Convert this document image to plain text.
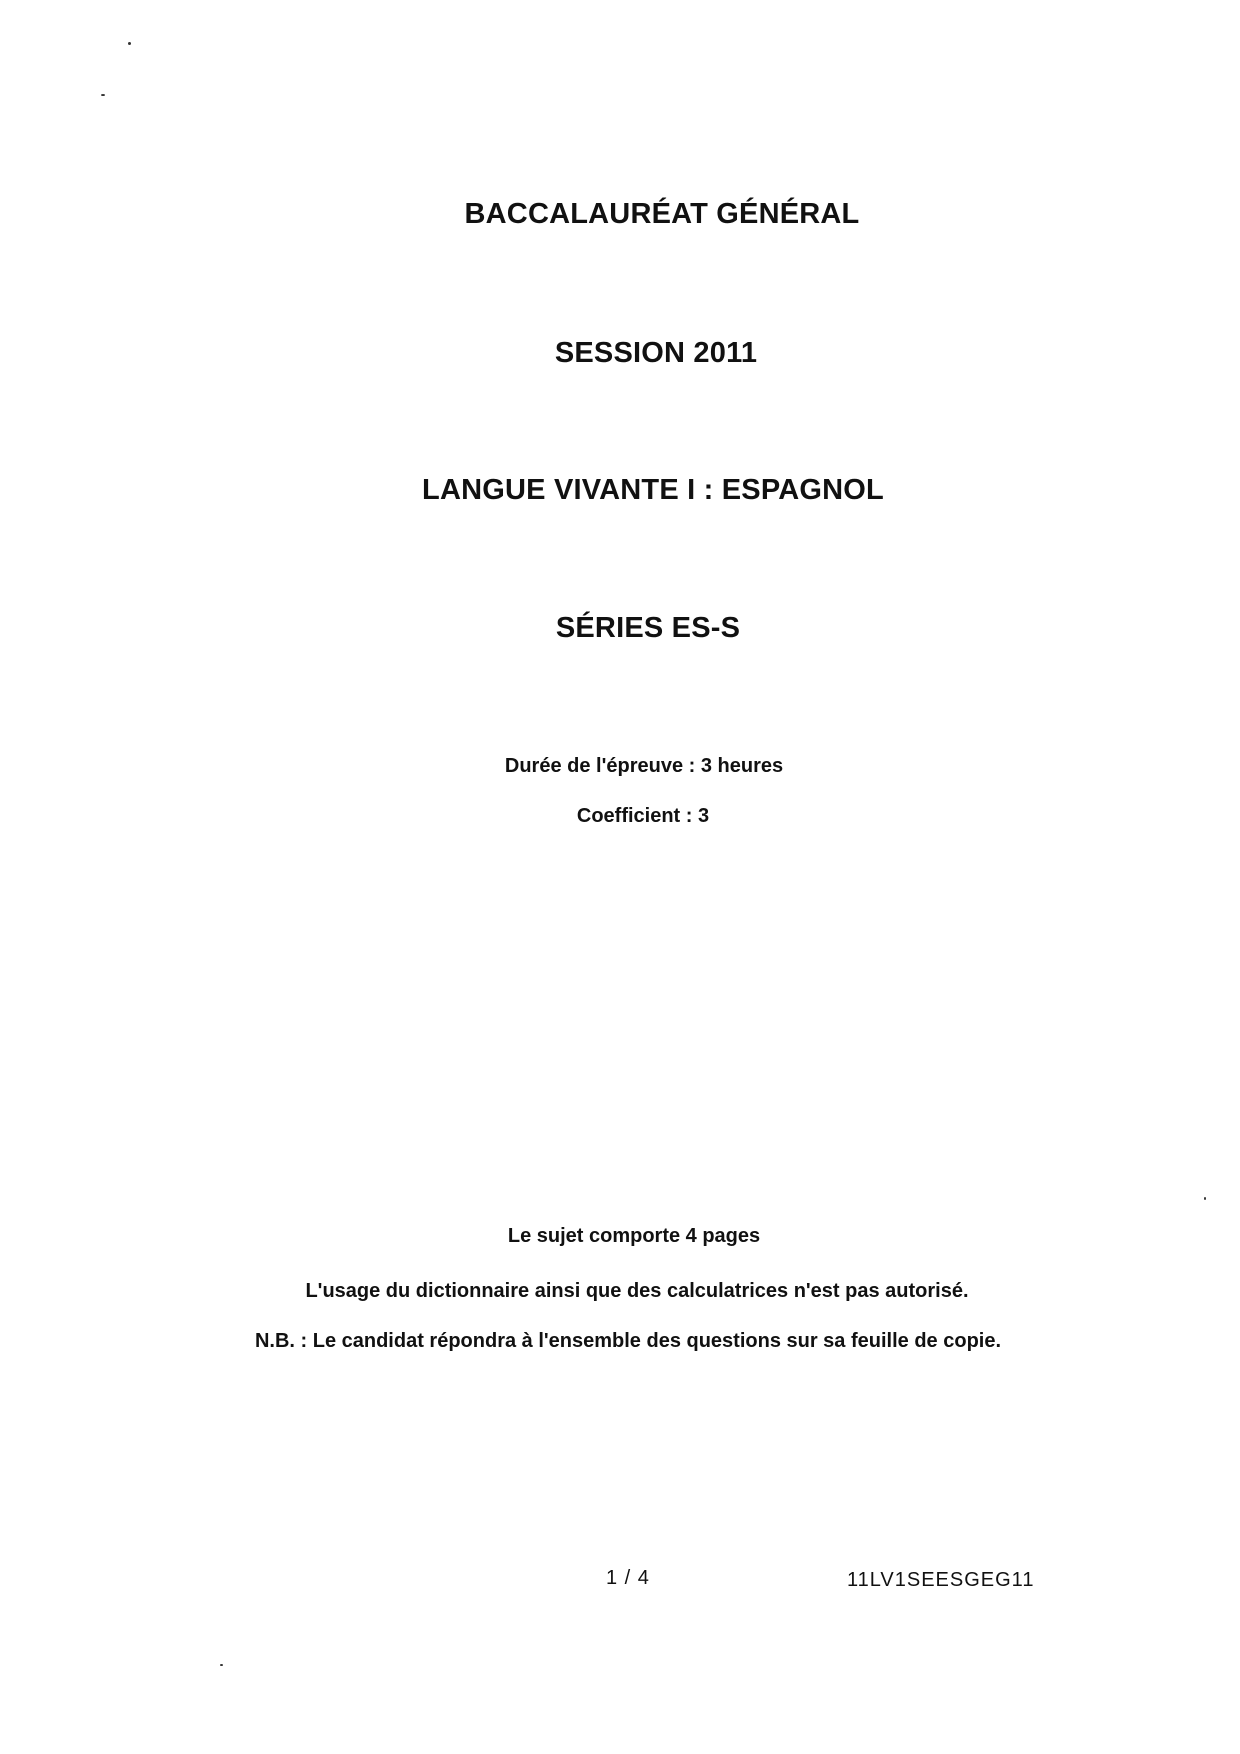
BACCALAURÉAT GÉNÉRAL
SESSION 2011
LANGUE VIVANTE I : ESPAGNOL
SÉRIES ES-S
Durée de l'épreuve : 3 heures
Coefficient : 3
Le sujet comporte 4 pages
L'usage du dictionnaire ainsi que des calculatrices n'est pas autorisé.
N.B. : Le candidat répondra à l'ensemble des questions sur sa feuille de copie.
1 / 4	11LV1SEESGEG11
